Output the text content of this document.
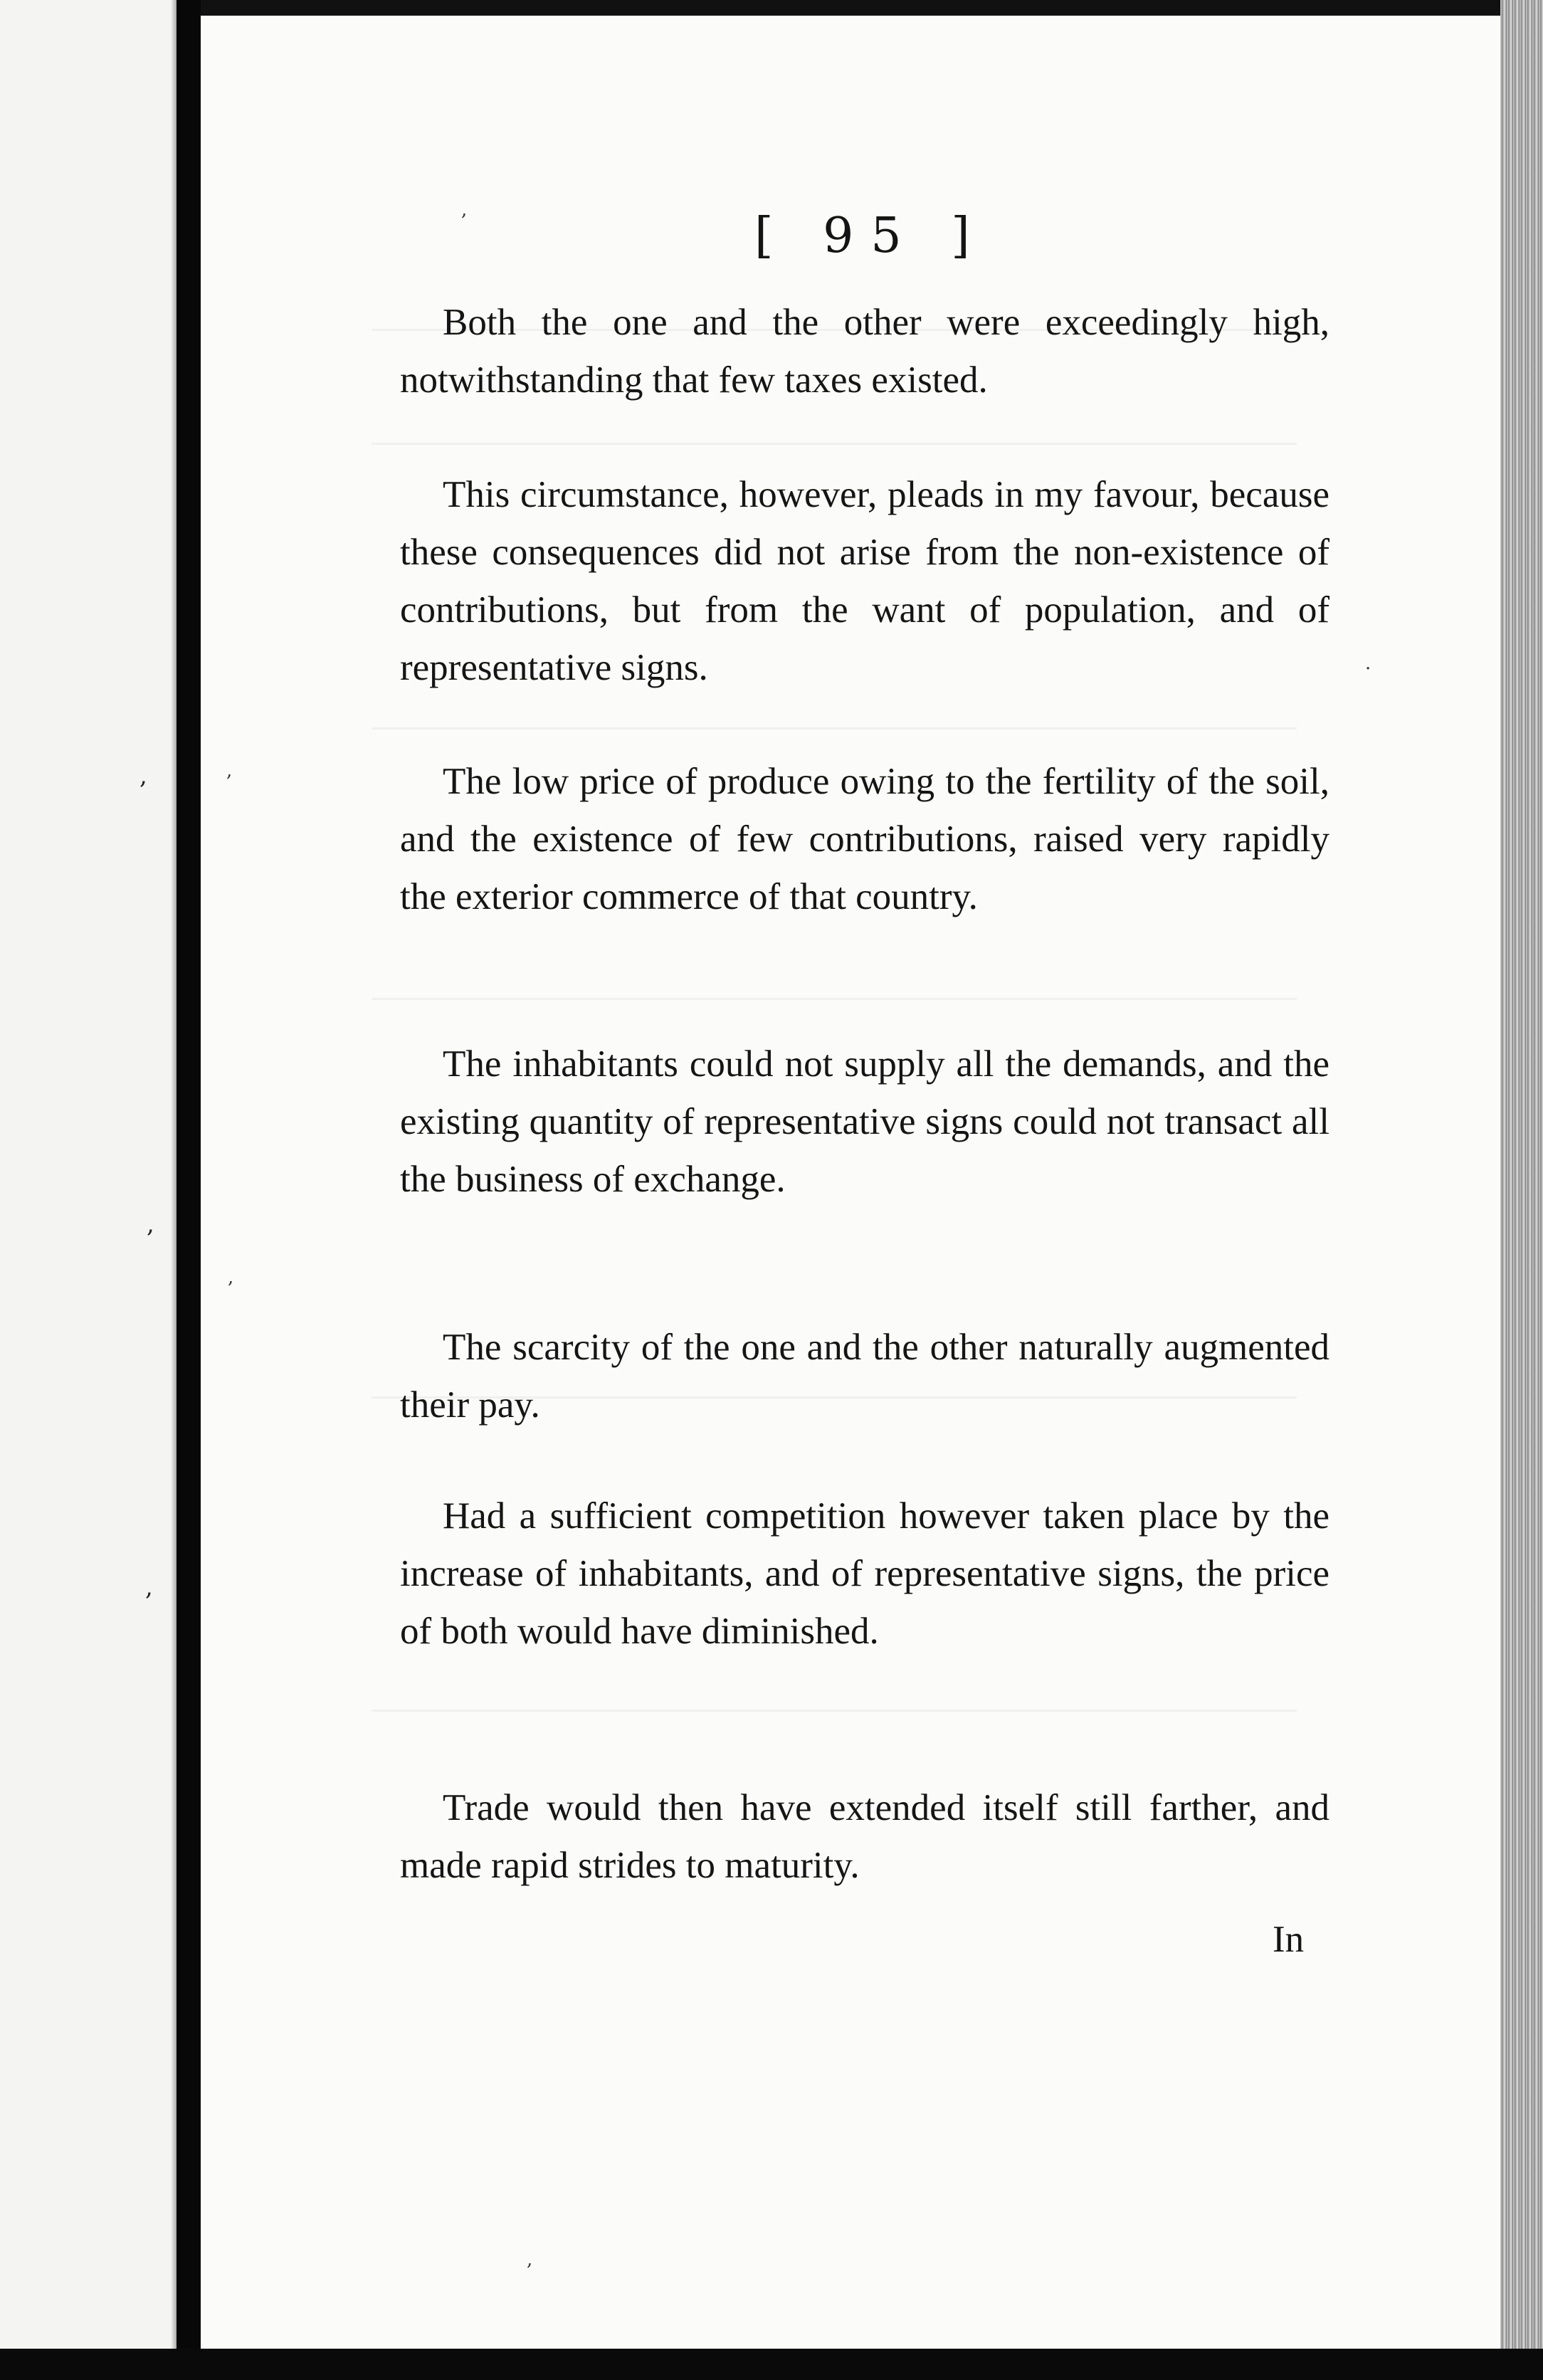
,
,
,
[ 95 ]

Both the one and the other were exceedingly high, notwithstanding that few taxes existed.

This circumstance, however, pleads in my favour, because these consequences did not arise from the non-existence of contributions, but from the want of population, and of representative signs.

The low price of produce owing to the fertility of the soil, and the existence of few contributions, raised very rapidly the exterior commerce of that country.

The inhabitants could not supply all the demands, and the existing quantity of representative signs could not transact all the business of exchange.

The scarcity of the one and the other naturally augmented their pay.

Had a sufficient competition however taken place by the increase of inhabitants, and of representative signs, the price of both would have diminished.

Trade would then have extended itself still farther, and made rapid strides to maturity.

In
,
·
,
,
,
